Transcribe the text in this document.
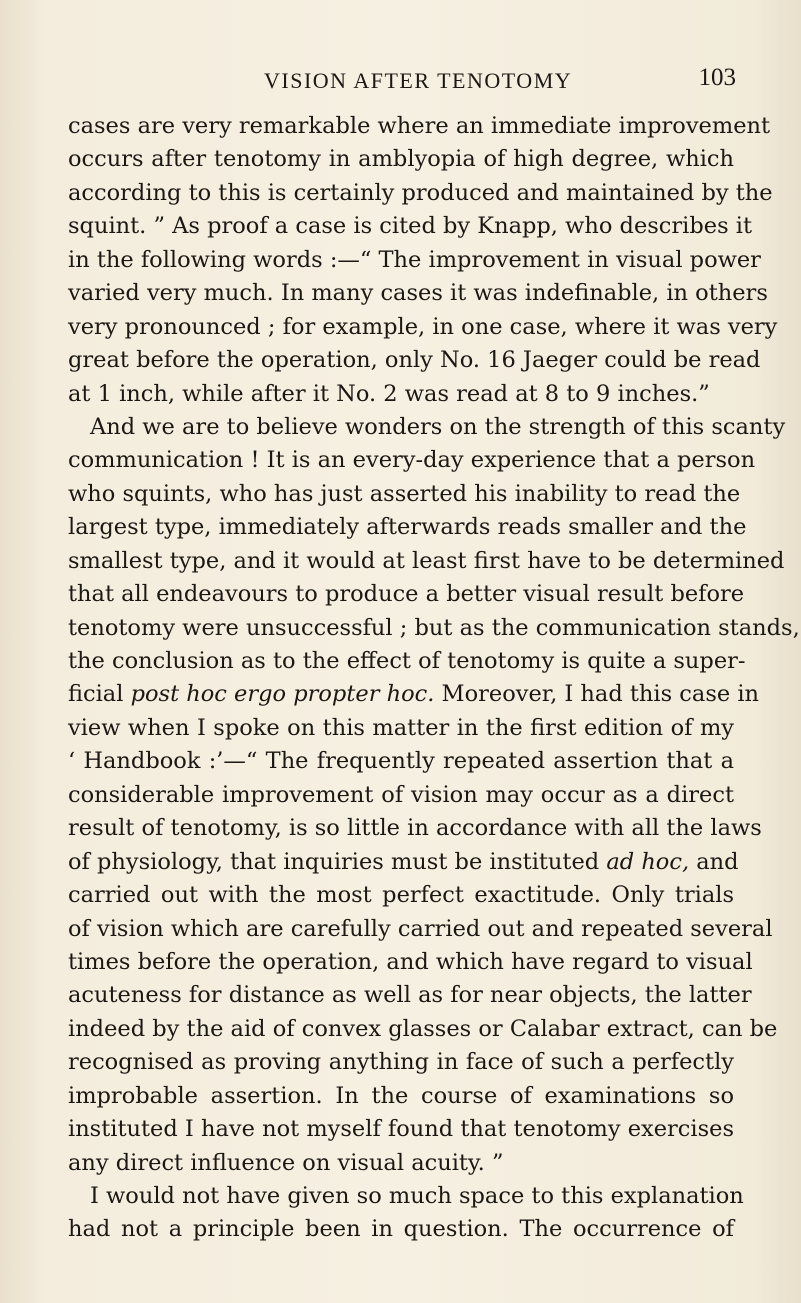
VISION AFTER TENOTOMY	103
cases are very remarkable where an immediate improvement
occurs after tenotomy in amblyopia of high degree, which
according to this is certainly produced and maintained by the
squint. ” As proof a case is cited by Knapp, who describes it
in the following words :—“ The improvement in visual power
varied very much. In many cases it was indefinable, in others
very pronounced ; for example, in one case, where it was very
great before the operation, only No. 16 Jaeger could be read
at 1 inch, while after it No. 2 was read at 8 to 9 inches.”
And we are to believe wonders on the strength of this scanty
communication ! It is an every-day experience that a person
who squints, who has just asserted his inability to read the
largest type, immediately afterwards reads smaller and the
smallest type, and it would at least first have to be determined
that all endeavours to produce a better visual result before
tenotomy were unsuccessful ; but as the communication stands,
the conclusion as to the effect of tenotomy is quite a super-
ficial post hoc ergo propter hoc. Moreover, I had this case in
view when I spoke on this matter in the first edition of my
‘ Handbook :’—“ The frequently repeated assertion that a
considerable improvement of vision may occur as a direct
result of tenotomy, is so little in accordance with all the laws
of physiology, that inquiries must be instituted ad hoc, and
carried out with the most perfect exactitude. Only trials
of vision which are carefully carried out and repeated several
times before the operation, and which have regard to visual
acuteness for distance as well as for near objects, the latter
indeed by the aid of convex glasses or Calabar extract, can be
recognised as proving anything in face of such a perfectly
improbable assertion. In the course of examinations so
instituted I have not myself found that tenotomy exercises
any direct influence on visual acuity. ”
I would not have given so much space to this explanation
had not a principle been in question. The occurrence of
